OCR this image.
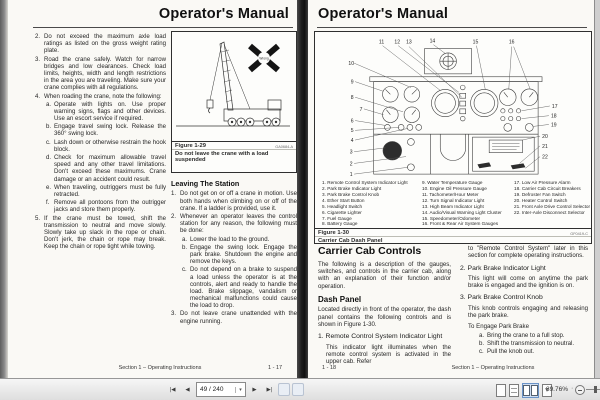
Operator's Manual
2. Do not exceed the maximum axle load ratings as listed on the gross weight rating plate.
3. Road the crane safely. Watch for narrow bridges and low clearances. Check load limits, heights, width and length restrictions in the area you are traveling. Make sure your crane complies with all regulations.
4. When roading the crane, note the following:
a. Operate with lights on. Use proper warning signs, flags and other devices. Use an escort service if required.
b. Engage travel swing lock. Release the 360° swing lock.
c. Lash down or otherwise restrain the hook block.
d. Check for maximum allowable travel speed and any other travel limitations. Don't exceed these maximums. Crane damage or an accident could result.
e. When traveling, outriggers must be fully retracted.
f. Remove all pontoons from the outrigger jacks and store them properly.
5. If the crane must be towed, shift the transmission to neutral and move slowly. Slowly take up slack in the rope or chain. Don't jerk, the chain or rope may break. Keep the chain or rope tight while towing.
Wrong
Figure 1-29	GA0684-A
Do not leave the crane with a load suspended
Leaving The Station
1. Do not get on or off a crane in motion. Use both hands when climbing on or off of the crane. If a ladder is provided, use it.
2. Whenever an operator leaves the control station for any reason, the following must be done:
a. Lower the load to the ground.
b. Engage the swing lock. Engage the park brake. Shutdown the engine and remove the keys.
c. Do not depend on a brake to suspend a load unless the operator is at the controls, alert and ready to handle the load. Brake slippage, vandalism or mechanical malfunctions could cause the load to drop.
3. Do not leave crane unattended with the engine running.
Section 1 – Operating Instructions	1 - 17
Operator's Manual
1
2
3
4
5
6
7
8
9
10
11 12 13	14	15	16
17
18
19
20
21
22
1. Remote Control System Indicator Light
2. Park Brake Indicator Light
3. Park Brake Control Knob
4. Ether Start Button
5. Headlight Switch
6. Cigarette Lighter
7. Fuel Gauge
8. Battery Gauge
9. Water Temperature Gauge
10. Engine Oil Pressure Gauge
11. Tachometer/Hour Meter
12. Turn Signal Indicator Light
13. High Beam Indicator Light
14. Audio/Visual Warning Light Cluster
15. Speedometer/Odometer
16. Front & Rear Air System Gauges
17. Low Air Pressure Alarm
18. Carrier Cab Circuit Breakers
19. Defroster Fan Switch
20. Heater Control Switch
21. Front Axle Drive Control Selector
22. Inter-Axle Disconnect Selector
Figure 1-30	GF0419-C
Carrier Cab Dash Panel
Carrier Cab Controls

The following is a description of the gauges, switches, and controls in the carrier cab, along with an explanation of their function and/or operation.

Dash Panel

Located directly in front of the operator, the dash panel contains the following controls and is shown in Figure 1-30.

1. Remote Control System Indicator Light

This indicator light illuminates when the remote control system is activated in the upper cab. Refer

to "Remote Control System" later in this section for complete operating instructions.

2. Park Brake Indicator Light

This light will come on anytime the park brake is engaged and the ignition is on.

3. Park Brake Control Knob

This knob controls engaging and releasing the park brake.

To Engage Park Brake
a. Bring the crane to a full stop.
b. Shift the transmission to neutral.
c. Pull the knob out.
1 - 18	Section 1 – Operating Instructions
|◀	◀	49 / 240	▾	▶	▶|	89.76% ·
